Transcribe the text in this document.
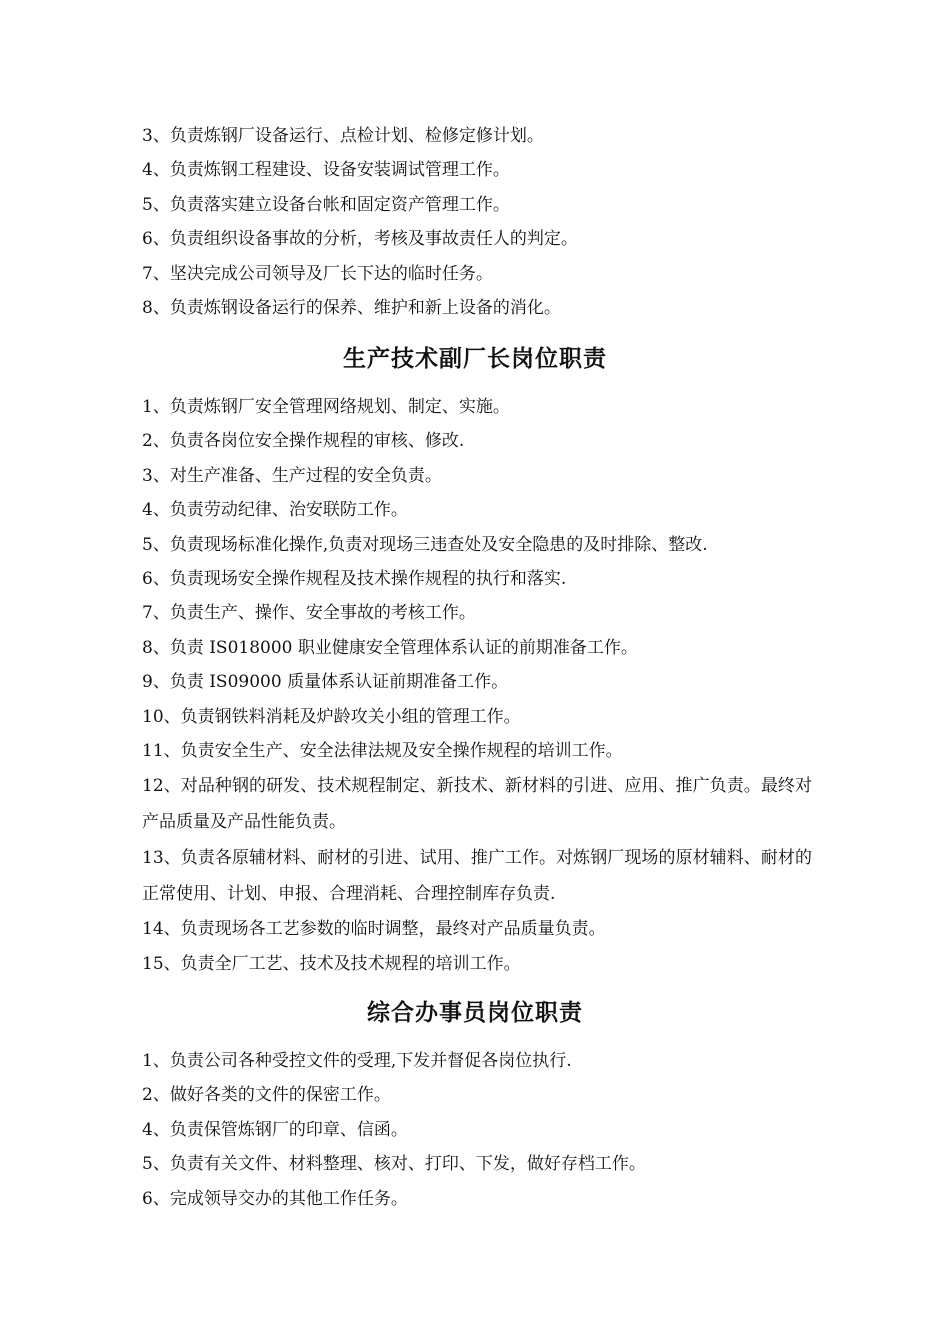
3、负责炼钢厂设备运行、点检计划、检修定修计划。
4、负责炼钢工程建设、设备安装调试管理工作。
5、负责落实建立设备台帐和固定资产管理工作。
6、负责组织设备事故的分析，考核及事故责任人的判定。
7、坚决完成公司领导及厂长下达的临时任务。
8、负责炼钢设备运行的保养、维护和新上设备的消化。
生产技术副厂长岗位职责
1、负责炼钢厂安全管理网络规划、制定、实施。
2、负责各岗位安全操作规程的审核、修改.
3、对生产准备、生产过程的安全负责。
4、负责劳动纪律、治安联防工作。
5、负责现场标准化操作,负责对现场三违查处及安全隐患的及时排除、整改.
6、负责现场安全操作规程及技术操作规程的执行和落实.
7、负责生产、操作、安全事故的考核工作。
8、负责 IS018000 职业健康安全管理体系认证的前期准备工作。
9、负责 IS09000 质量体系认证前期准备工作。
10、负责钢铁料消耗及炉龄攻关小组的管理工作。
11、负责安全生产、安全法律法规及安全操作规程的培训工作。
12、对品种钢的研发、技术规程制定、新技术、新材料的引进、应用、推广负责。最终对产品质量及产品性能负责。
13、负责各原辅材料、耐材的引进、试用、推广工作。对炼钢厂现场的原材辅料、耐材的正常使用、计划、申报、合理消耗、合理控制库存负责.
14、负责现场各工艺参数的临时调整，最终对产品质量负责。
15、负责全厂工艺、技术及技术规程的培训工作。
综合办事员岗位职责
1、负责公司各种受控文件的受理,下发并督促各岗位执行.
2、做好各类的文件的保密工作。
4、负责保管炼钢厂的印章、信函。
5、负责有关文件、材料整理、核对、打印、下发，做好存档工作。
6、完成领导交办的其他工作任务。
